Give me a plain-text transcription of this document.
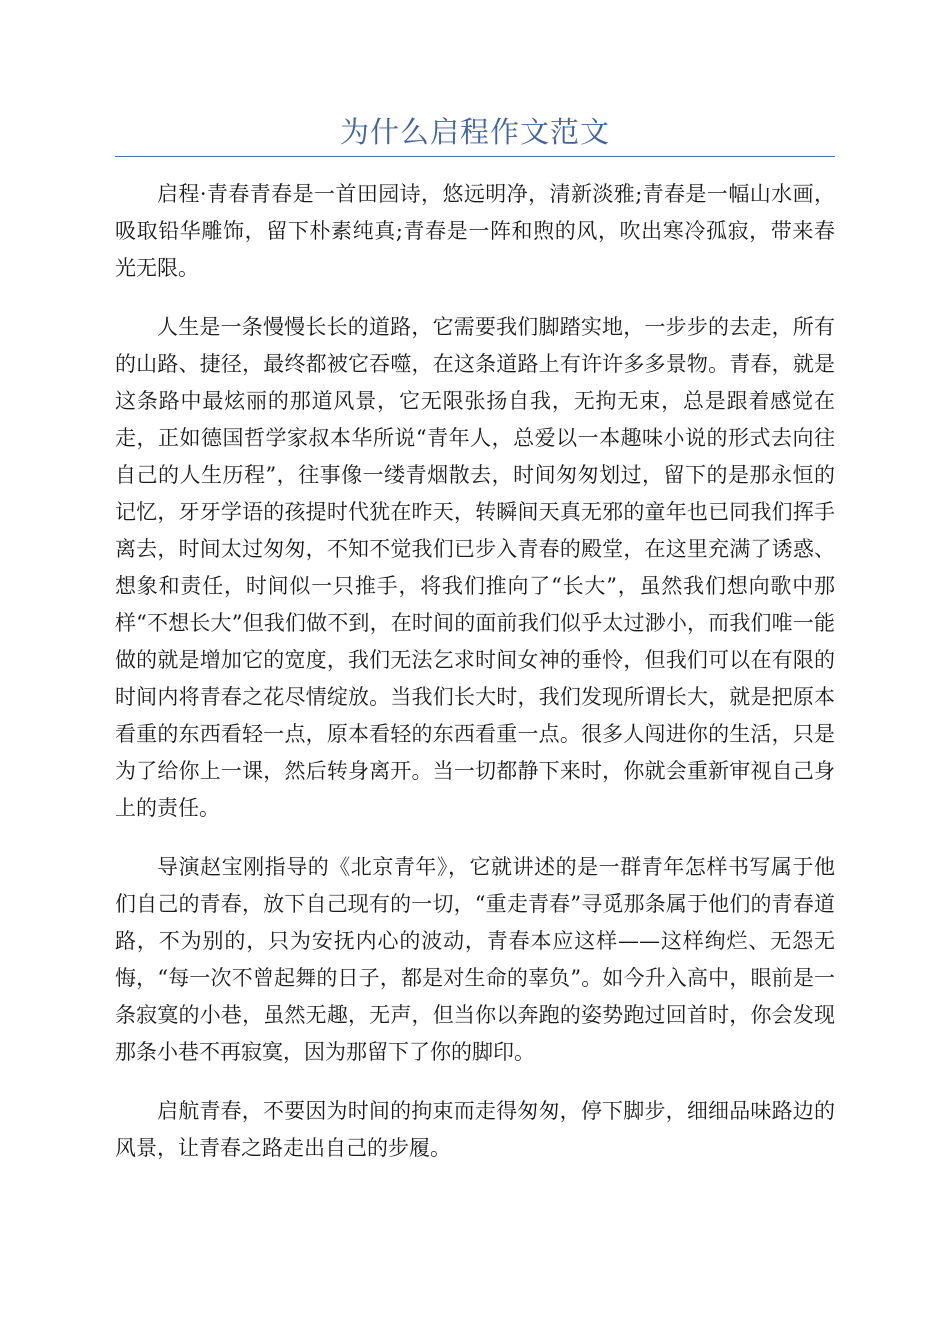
为什么启程作文范文

启程·青春青春是一首田园诗，悠远明净，清新淡雅;青春是一幅山水画，吸取铅华雕饰，留下朴素纯真;青春是一阵和煦的风，吹出寒冷孤寂，带来春光无限。

人生是一条慢慢长长的道路，它需要我们脚踏实地，一步步的去走，所有的山路、捷径，最终都被它吞噬，在这条道路上有许许多多景物。青春，就是这条路中最炫丽的那道风景，它无限张扬自我，无拘无束，总是跟着感觉在走，正如德国哲学家叔本华所说“青年人，总爱以一本趣味小说的形式去向往自己的人生历程”，往事像一缕青烟散去，时间匆匆划过，留下的是那永恒的记忆，牙牙学语的孩提时代犹在昨天，转瞬间天真无邪的童年也已同我们挥手离去，时间太过匆匆，不知不觉我们已步入青春的殿堂，在这里充满了诱惑、想象和责任，时间似一只推手，将我们推向了“长大”，虽然我们想向歌中那样“不想长大”但我们做不到，在时间的面前我们似乎太过渺小，而我们唯一能做的就是增加它的宽度，我们无法乞求时间女神的垂怜，但我们可以在有限的时间内将青春之花尽情绽放。当我们长大时，我们发现所谓长大，就是把原本看重的东西看轻一点，原本看轻的东西看重一点。很多人闯进你的生活，只是为了给你上一课，然后转身离开。当一切都静下来时，你就会重新审视自己身上的责任。

导演赵宝刚指导的《北京青年》，它就讲述的是一群青年怎样书写属于他们自己的青春，放下自己现有的一切，“重走青春”寻觅那条属于他们的青春道路，不为别的，只为安抚内心的波动，青春本应这样——这样绚烂、无怨无悔，“每一次不曾起舞的日子，都是对生命的辜负”。如今升入高中，眼前是一条寂寞的小巷，虽然无趣，无声，但当你以奔跑的姿势跑过回首时，你会发现那条小巷不再寂寞，因为那留下了你的脚印。

启航青春，不要因为时间的拘束而走得匆匆，停下脚步，细细品味路边的风景，让青春之路走出自己的步履。
